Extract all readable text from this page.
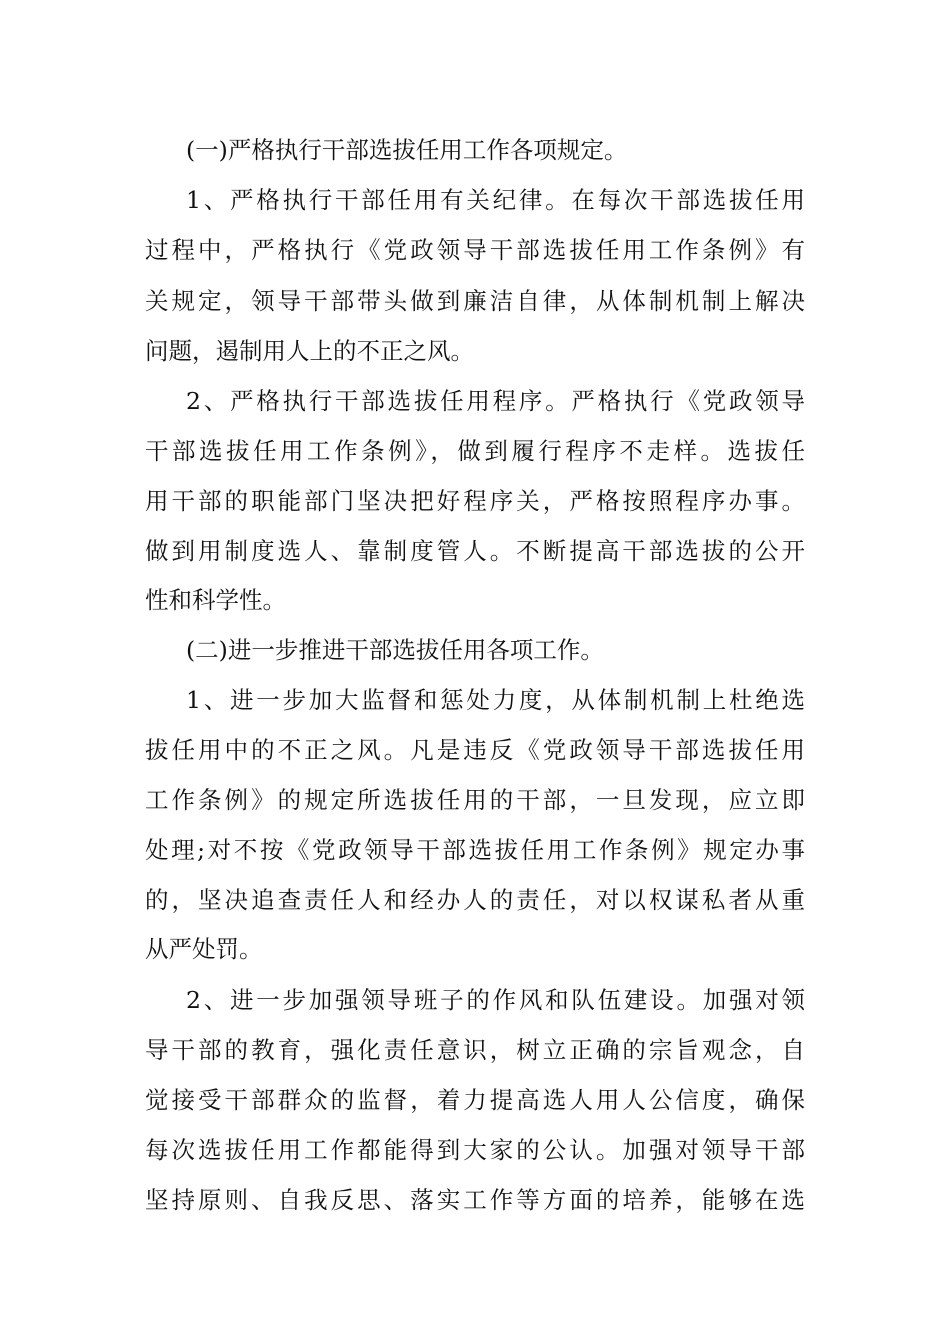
(一)严格执行干部选拔任用工作各项规定。
1、严格执行干部任用有关纪律。在每次干部选拔任用
过程中，严格执行《党政领导干部选拔任用工作条例》有
关规定，领导干部带头做到廉洁自律，从体制机制上解决
问题，遏制用人上的不正之风。
2、严格执行干部选拔任用程序。严格执行《党政领导
干部选拔任用工作条例》，做到履行程序不走样。选拔任
用干部的职能部门坚决把好程序关，严格按照程序办事。
做到用制度选人、靠制度管人。不断提高干部选拔的公开
性和科学性。
(二)进一步推进干部选拔任用各项工作。
1、进一步加大监督和惩处力度，从体制机制上杜绝选
拔任用中的不正之风。凡是违反《党政领导干部选拔任用
工作条例》的规定所选拔任用的干部，一旦发现，应立即
处理;对不按《党政领导干部选拔任用工作条例》规定办事
的，坚决追查责任人和经办人的责任，对以权谋私者从重
从严处罚。
2、进一步加强领导班子的作风和队伍建设。加强对领
导干部的教育，强化责任意识，树立正确的宗旨观念，自
觉接受干部群众的监督，着力提高选人用人公信度，确保
每次选拔任用工作都能得到大家的公认。加强对领导干部
坚持原则、自我反思、落实工作等方面的培养，能够在选
